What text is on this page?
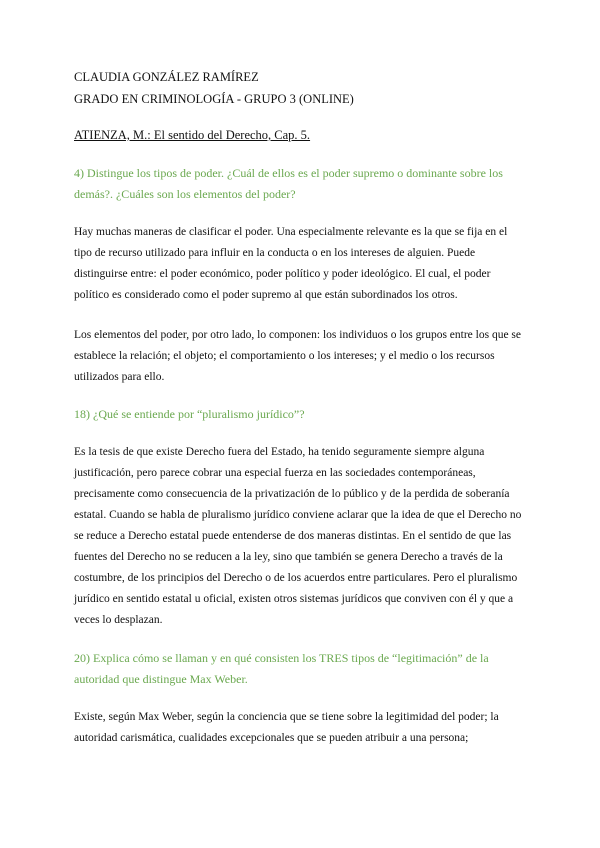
CLAUDIA GONZÁLEZ RAMÍREZ

GRADO EN CRIMINOLOGÍA - GRUPO 3 (ONLINE)

ATIENZA, M.: El sentido del Derecho, Cap. 5.

4) Distingue los tipos de poder. ¿Cuál de ellos es el poder supremo o dominante sobre los demás?. ¿Cuáles son los elementos del poder?

Hay muchas maneras de clasificar el poder. Una especialmente relevante es la que se fija en el tipo de recurso utilizado para influir en la conducta o en los intereses de alguien. Puede distinguirse entre: el poder económico, poder político y poder ideológico. El cual, el poder político es considerado como el poder supremo al que están subordinados los otros.

Los elementos del poder, por otro lado, lo componen: los individuos o los grupos entre los que se establece la relación; el objeto; el comportamiento o los intereses; y el medio o los recursos utilizados para ello.

18) ¿Qué se entiende por “pluralismo jurídico”?

Es la tesis de que existe Derecho fuera del Estado, ha tenido seguramente siempre alguna justificación, pero parece cobrar una especial fuerza en las sociedades contemporáneas, precisamente como consecuencia de la privatización de lo público y de la perdida de soberanía estatal. Cuando se habla de pluralismo jurídico conviene aclarar que la idea de que el Derecho no se reduce a Derecho estatal puede entenderse de dos maneras distintas. En el sentido de que las fuentes del Derecho no se reducen a la ley, sino que también se genera Derecho a través de la costumbre, de los principios del Derecho o de los acuerdos entre particulares. Pero el pluralismo jurídico en sentido estatal u oficial, existen otros sistemas jurídicos que conviven con él y que a veces lo desplazan.

20) Explica cómo se llaman y en qué consisten los TRES tipos de “legitimación” de la autoridad que distingue Max Weber.

Existe, según Max Weber, según la conciencia que se tiene sobre la legitimidad del poder; la autoridad carismática, cualidades excepcionales que se pueden atribuir a una persona;
